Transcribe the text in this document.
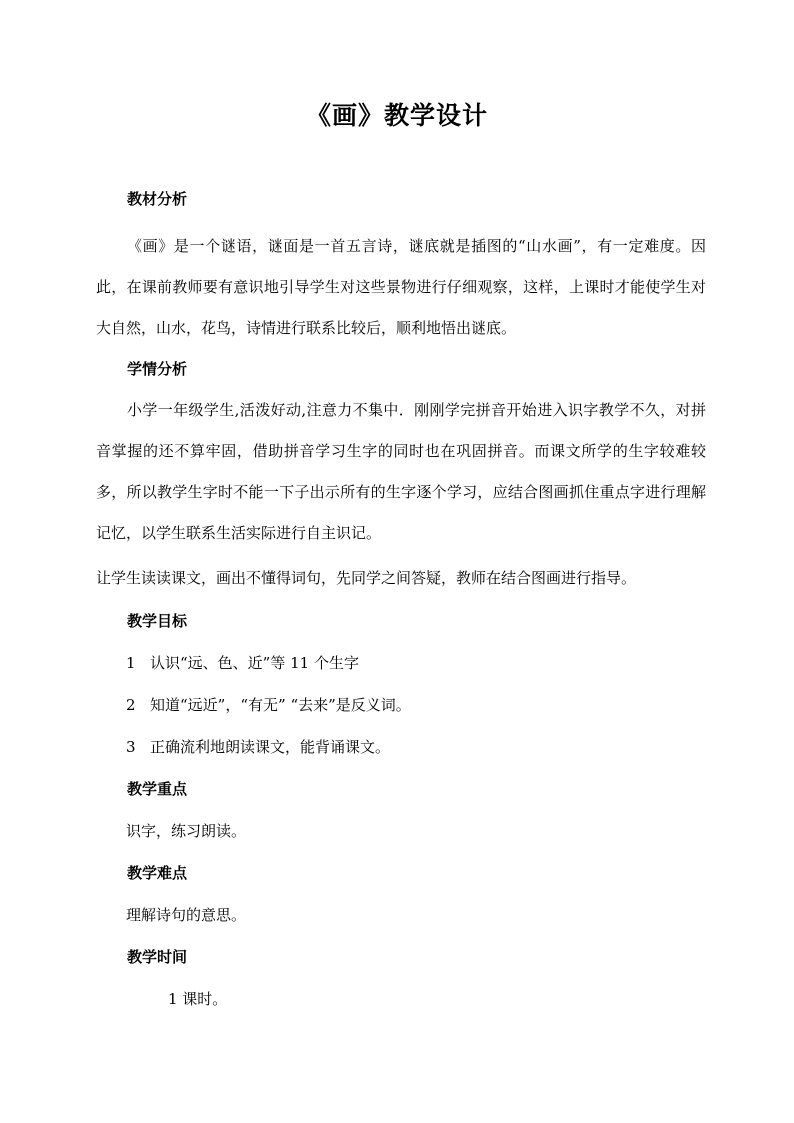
《画》教学设计
教材分析
《画》是一个谜语，谜面是一首五言诗，谜底就是插图的“山水画”，有一定难度。因此，在课前教师要有意识地引导学生对这些景物进行仔细观察，这样，上课时才能使学生对大自然，山水，花鸟，诗情进行联系比较后，顺利地悟出谜底。
学情分析
小学一年级学生,活泼好动,注意力不集中．刚刚学完拼音开始进入识字教学不久，对拼音掌握的还不算牢固，借助拼音学习生字的同时也在巩固拼音。而课文所学的生字较难较多，所以教学生字时不能一下子出示所有的生字逐个学习，应结合图画抓住重点字进行理解记忆，以学生联系生活实际进行自主识记。
让学生读读课文，画出不懂得词句，先同学之间答疑，教师在结合图画进行指导。
教学目标
1 认识“远、色、近”等 11 个生字
2 知道“远近”，“有无” “去来”是反义词。
3 正确流利地朗读课文，能背诵课文。
教学重点
识字，练习朗读。
教学难点
理解诗句的意思。
教学时间
1 课时。
